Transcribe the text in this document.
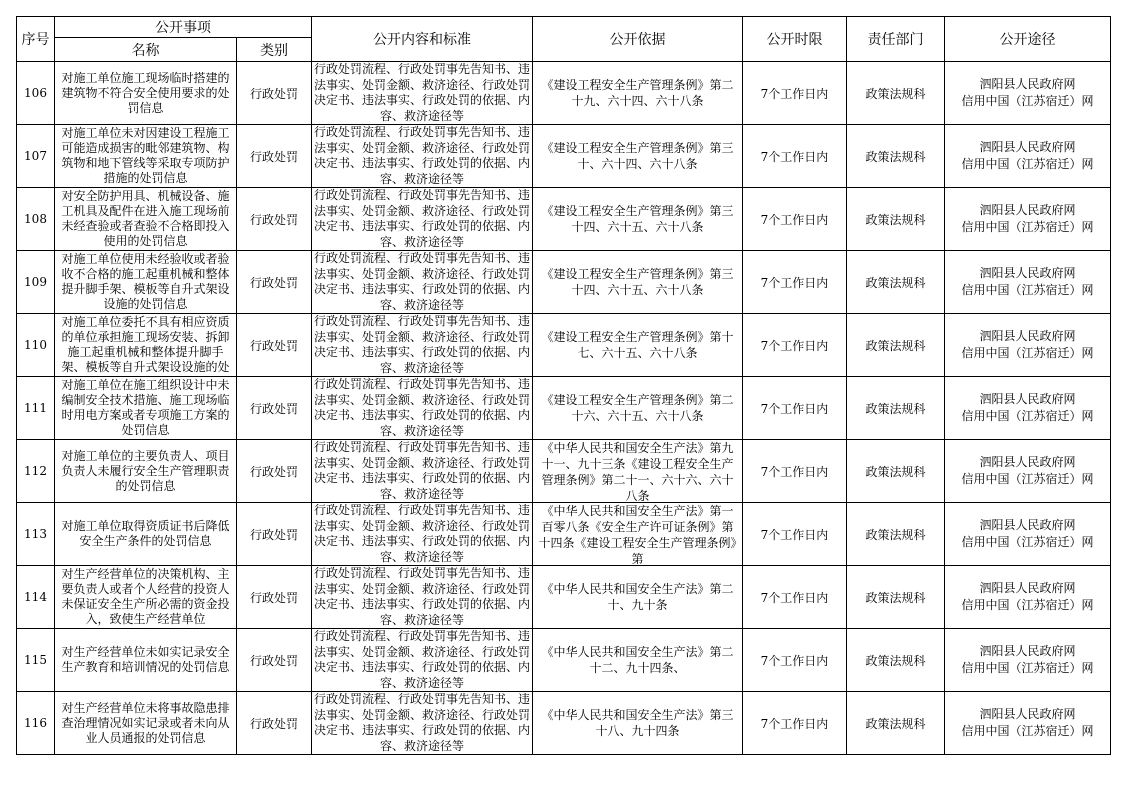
序号	公开事项		公开内容和标准	公开依据	公开时限	责任部门	公开途径
	名称	类别					
106	对施工单位施工现场临时搭建的建筑物不符合安全使用要求的处罚信息	行政处罚	行政处罚流程、行政处罚事先告知书、违法事实、处罚金额、救济途径、行政处罚决定书、违法事实、行政处罚的依据、内容、救济途径等	《建设工程安全生产管理条例》第二十九、六十四、六十八条	7个工作日内	政策法规科	泗阳县人民政府网
信用中国（江苏宿迁）网

107	对施工单位未对因建设工程施工可能造成损害的毗邻建筑物、构筑物和地下管线等采取专项防护措施的处罚信息	行政处罚	行政处罚流程、行政处罚事先告知书、违法事实、处罚金额、救济途径、行政处罚决定书、违法事实、行政处罚的依据、内容、救济途径等	《建设工程安全生产管理条例》第三十、六十四、六十八条	7个工作日内	政策法规科	泗阳县人民政府网
信用中国（江苏宿迁）网

108	对安全防护用具、机械设备、施工机具及配件在进入施工现场前未经查验或者查验不合格即投入使用的处罚信息	行政处罚	行政处罚流程、行政处罚事先告知书、违法事实、处罚金额、救济途径、行政处罚决定书、违法事实、行政处罚的依据、内容、救济途径等	《建设工程安全生产管理条例》第三十四、六十五、六十八条	7个工作日内	政策法规科	泗阳县人民政府网
信用中国（江苏宿迁）网

109	对施工单位使用未经验收或者验收不合格的施工起重机械和整体提升脚手架、模板等自升式架设设施的处罚信息	行政处罚	行政处罚流程、行政处罚事先告知书、违法事实、处罚金额、救济途径、行政处罚决定书、违法事实、行政处罚的依据、内容、救济途径等	《建设工程安全生产管理条例》第三十四、六十五、六十八条	7个工作日内	政策法规科	泗阳县人民政府网
信用中国（江苏宿迁）网

110	对施工单位委托不具有相应资质的单位承担施工现场安装、拆卸施工起重机械和整体提升脚手架、模板等自升式架设设施的处	行政处罚	行政处罚流程、行政处罚事先告知书、违法事实、处罚金额、救济途径、行政处罚决定书、违法事实、行政处罚的依据、内容、救济途径等	《建设工程安全生产管理条例》第十七、六十五、六十八条	7个工作日内	政策法规科	泗阳县人民政府网
信用中国（江苏宿迁）网

111	对施工单位在施工组织设计中未编制安全技术措施、施工现场临时用电方案或者专项施工方案的处罚信息	行政处罚	行政处罚流程、行政处罚事先告知书、违法事实、处罚金额、救济途径、行政处罚决定书、违法事实、行政处罚的依据、内容、救济途径等	《建设工程安全生产管理条例》第二十六、六十五、六十八条	7个工作日内	政策法规科	泗阳县人民政府网
信用中国（江苏宿迁）网

112	对施工单位的主要负责人、项目负责人未履行安全生产管理职责的处罚信息	行政处罚	行政处罚流程、行政处罚事先告知书、违法事实、处罚金额、救济途径、行政处罚决定书、违法事实、行政处罚的依据、内容、救济途径等	《中华人民共和国安全生产法》第九十一、九十三条《建设工程安全生产管理条例》第二十一、六十六、六十八条	7个工作日内	政策法规科	泗阳县人民政府网
信用中国（江苏宿迁）网

113	对施工单位取得资质证书后降低安全生产条件的处罚信息	行政处罚	行政处罚流程、行政处罚事先告知书、违法事实、处罚金额、救济途径、行政处罚决定书、违法事实、行政处罚的依据、内容、救济途径等	《中华人民共和国安全生产法》第一百零八条《安全生产许可证条例》第十四条《建设工程安全生产管理条例》第	7个工作日内	政策法规科	泗阳县人民政府网
信用中国（江苏宿迁）网

114	对生产经营单位的决策机构、主要负责人或者个人经营的投资人未保证安全生产所必需的资金投入，致使生产经营单位	行政处罚	行政处罚流程、行政处罚事先告知书、违法事实、处罚金额、救济途径、行政处罚决定书、违法事实、行政处罚的依据、内容、救济途径等	《中华人民共和国安全生产法》第二十、九十条	7个工作日内	政策法规科	泗阳县人民政府网
信用中国（江苏宿迁）网

115	对生产经营单位未如实记录安全生产教育和培训情况的处罚信息	行政处罚	行政处罚流程、行政处罚事先告知书、违法事实、处罚金额、救济途径、行政处罚决定书、违法事实、行政处罚的依据、内容、救济途径等	《中华人民共和国安全生产法》第二十二、九十四条、	7个工作日内	政策法规科	泗阳县人民政府网
信用中国（江苏宿迁）网

116	对生产经营单位未将事故隐患排查治理情况如实记录或者未向从业人员通报的处罚信息	行政处罚	行政处罚流程、行政处罚事先告知书、违法事实、处罚金额、救济途径、行政处罚决定书、违法事实、行政处罚的依据、内容、救济途径等	《中华人民共和国安全生产法》第三十八、九十四条	7个工作日内	政策法规科	泗阳县人民政府网
信用中国（江苏宿迁）网
